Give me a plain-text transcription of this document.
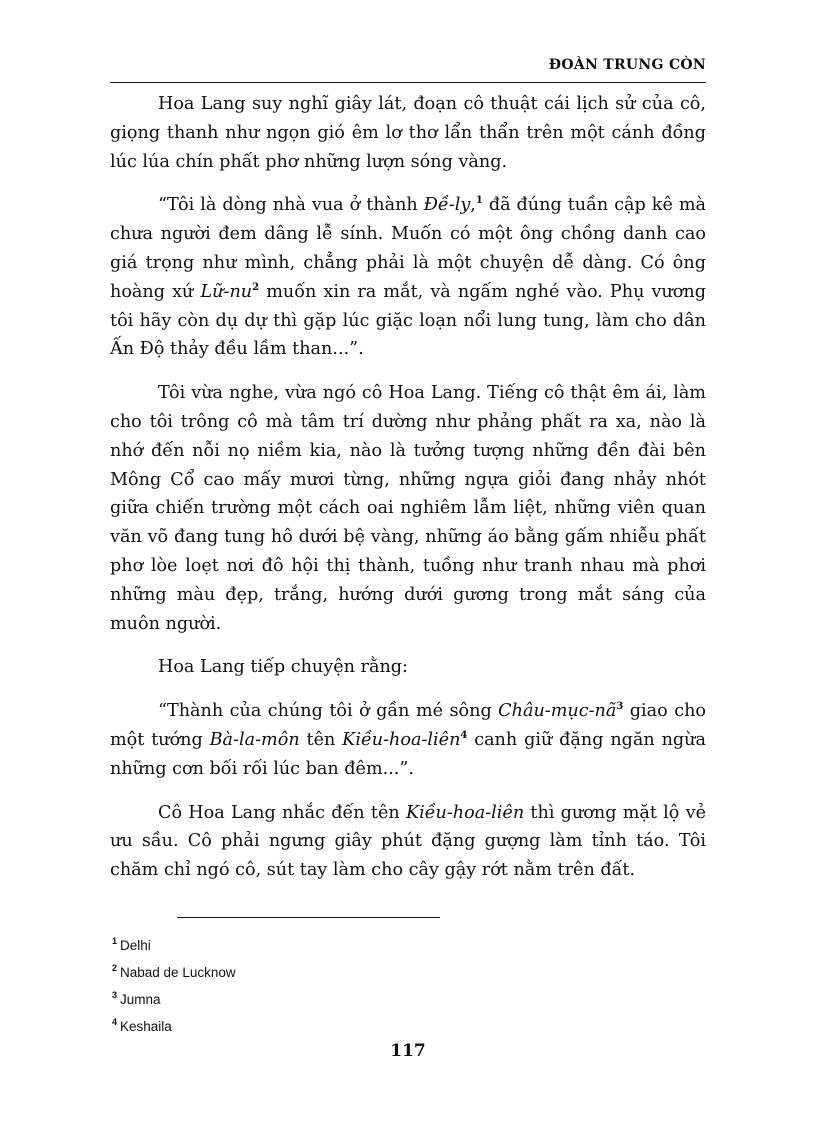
ĐOÀN TRUNG CÒN

Hoa Lang suy nghĩ giây lát, đoạn cô thuật cái lịch sử của cô, giọng thanh như ngọn gió êm lơ thơ lẩn thẩn trên một cánh đồng lúc lúa chín phất phơ những lượn sóng vàng.

“Tôi là dòng nhà vua ở thành Đề-ly,$^1$ đã đúng tuần cập kê mà chưa người đem dâng lễ sính. Muốn có một ông chồng danh cao giá trọng như mình, chẳng phải là một chuyện dễ dàng. Có ông hoàng xứ $Lữ-nu^2$ muốn xin ra mắt, và ngấm nghé vào. Phụ vương tôi hãy còn dụ dự thì gặp lúc giặc loạn nổi lung tung, làm cho dân Ấn Độ thảy đều lầm than...”.

Tôi vừa nghe, vừa ngó cô Hoa Lang. Tiếng cô thật êm ái, làm cho tôi trông cô mà tâm trí dường như phảng phất ra xa, nào là nhớ đến nỗi nọ niềm kia, nào là tưởng tượng những đền đài bên Mông Cổ cao mấy mươi từng, những ngựa giỏi đang nhảy nhót giữa chiến trường một cách oai nghiêm lẫm liệt, những viên quan văn võ đang tung hô dưới bệ vàng, những áo bằng gấm nhiễu phất phơ lòe loẹt nơi đô hội thị thành, tuồng như tranh nhau mà phơi những màu đẹp, trắng, hướng dưới gương trong mắt sáng của muôn người.

Hoa Lang tiếp chuyện rằng:

“Thành của chúng tôi ở gần mé sông Châu-$mục-nã^3$ giao cho một tướng Bà-la-môn tên Kiều-hoa-liên$^4$ canh giữ đặng ngăn ngừa những cơn bối rối lúc ban đêm...”.

Cô Hoa Lang nhắc đến tên Kiều-hoa-liên thì gương mặt lộ vẻ ưu sầu. Cô phải ngưng giây phút đặng gượng làm tỉnh táo. Tôi chăm chỉ ngó cô, sút tay làm cho cây gậy rớt nằm trên đất.

$^1$ Delhi
$^2$ Nabad de Lucknow
$^3$ Jumna
$^4$ Keshaila
117
